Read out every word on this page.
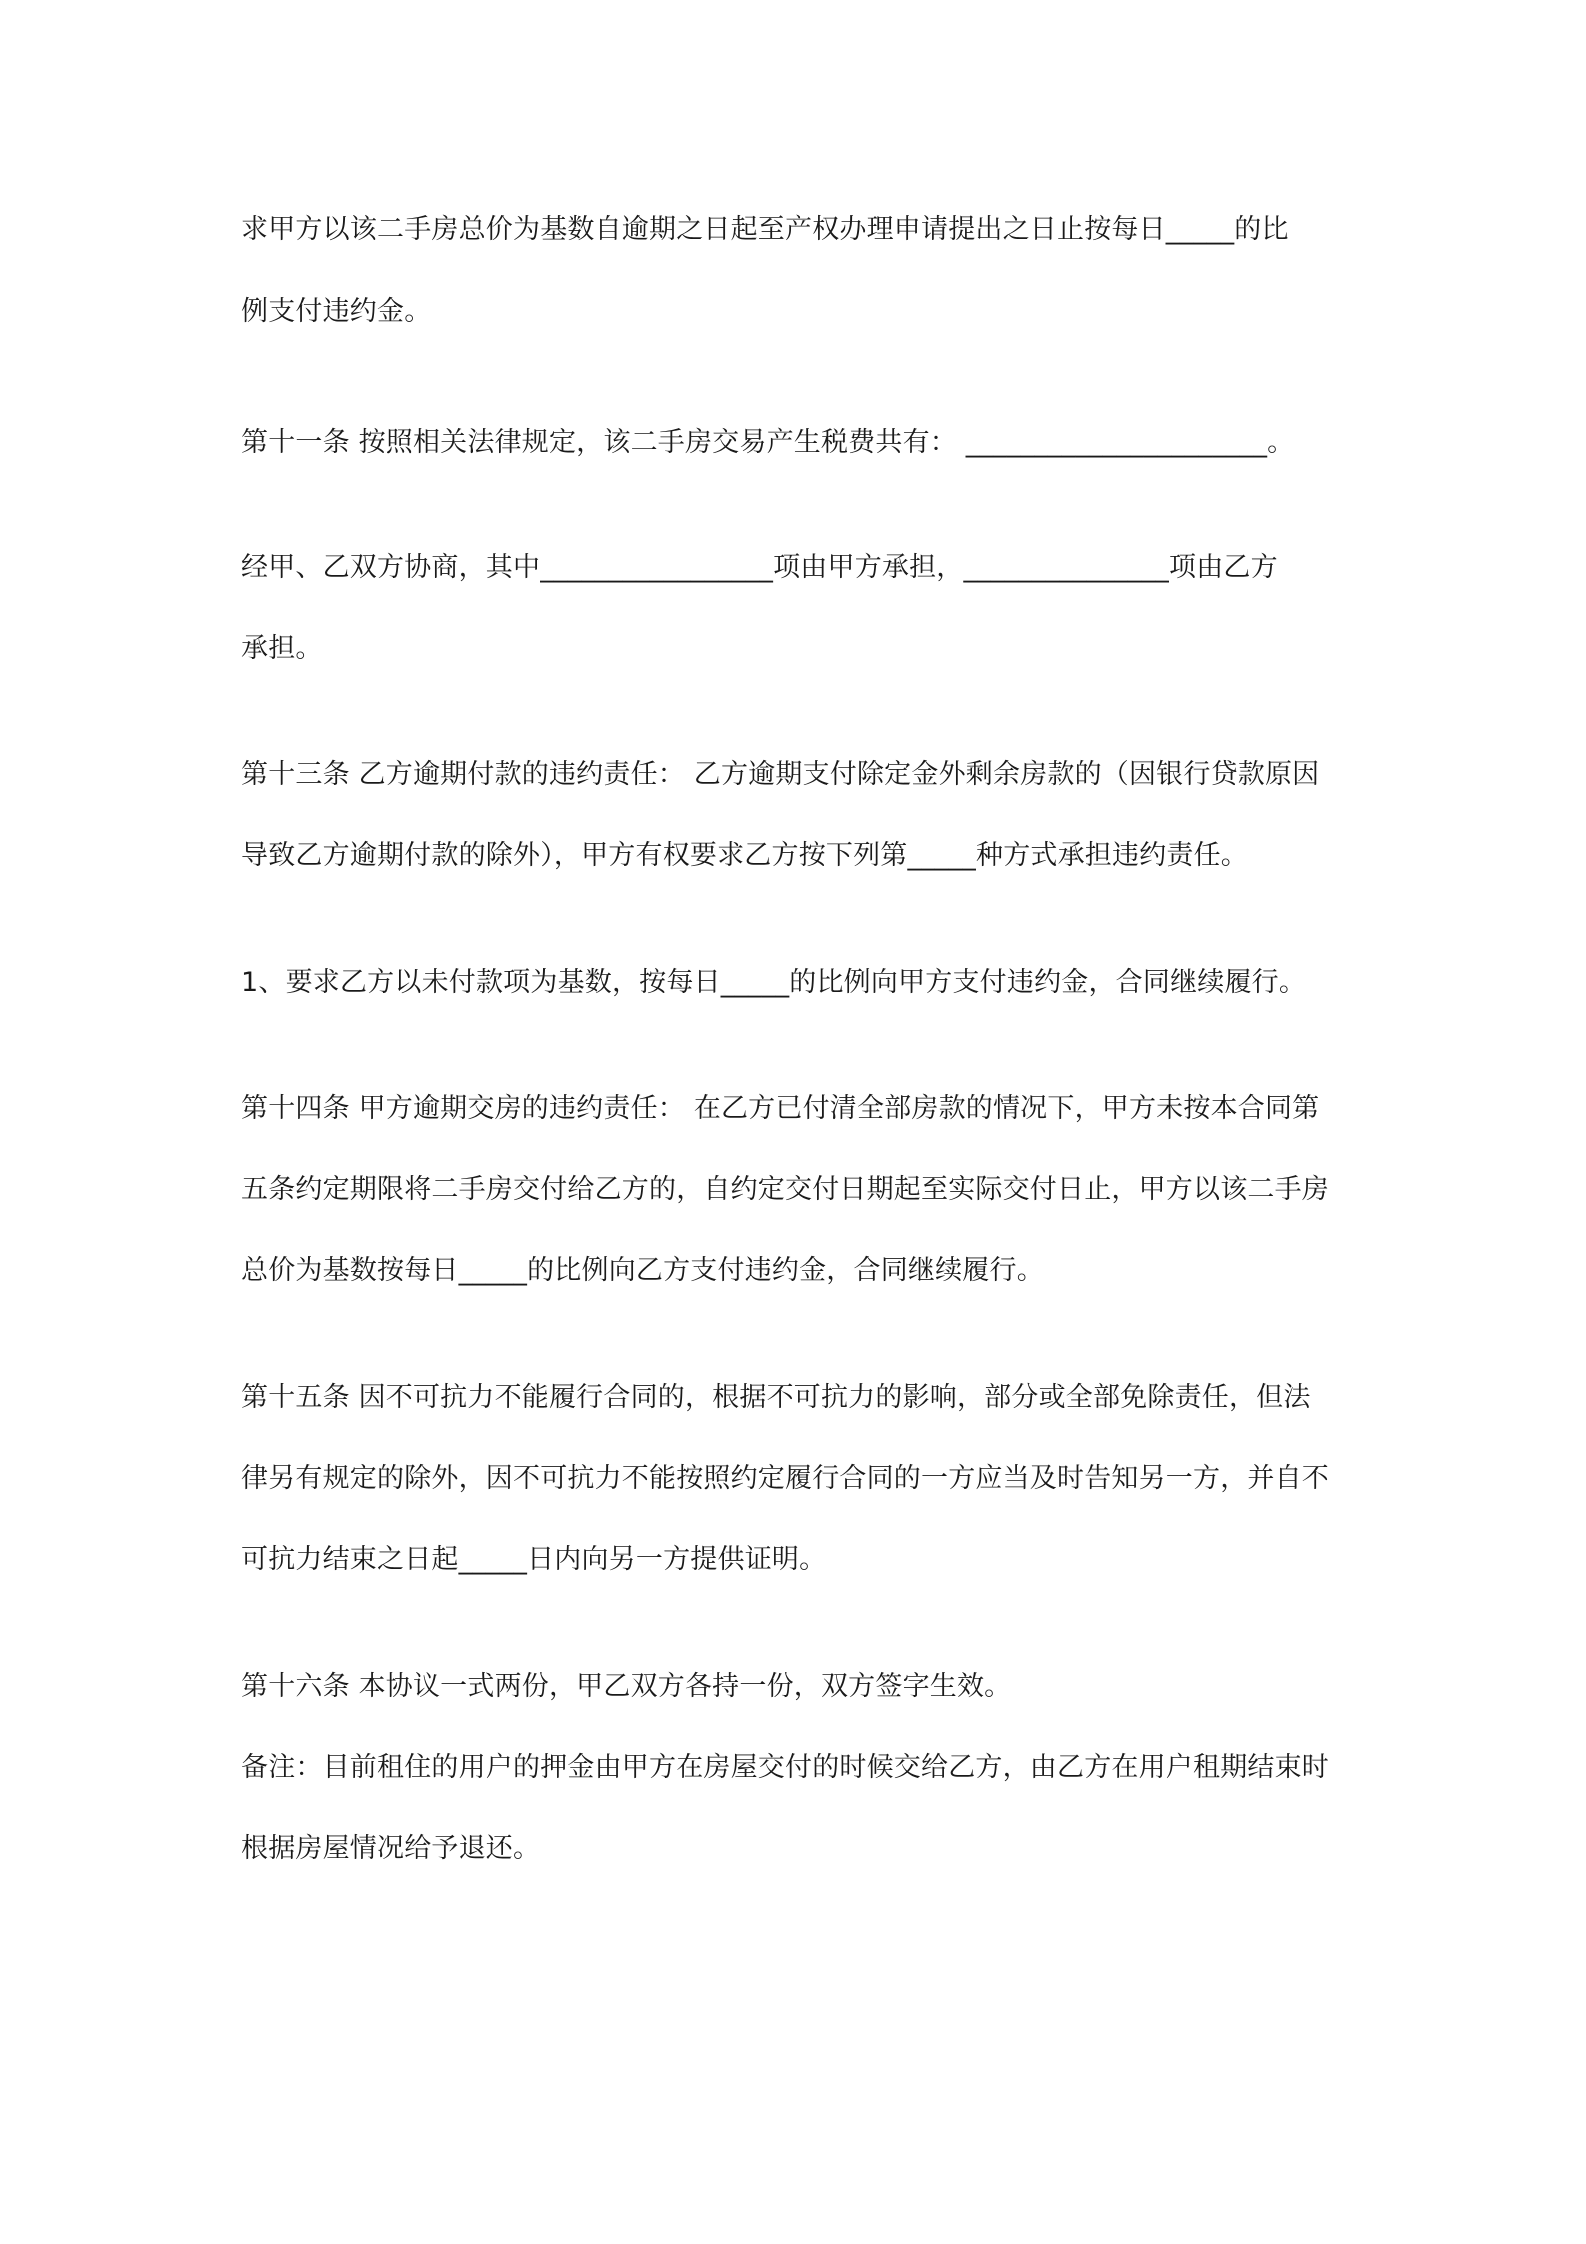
求甲方以该二手房总价为基数自逾期之日起至产权办理申请提出之日止按每日_____的比
例支付违约金。
第十一条 按照相关法律规定，该二手房交易产生税费共有： ______________________。
经甲、乙双方协商，其中_________________项由甲方承担，_______________项由乙方
承担。
第十三条 乙方逾期付款的违约责任： 乙方逾期支付除定金外剩余房款的（因银行贷款原因
导致乙方逾期付款的除外），甲方有权要求乙方按下列第_____种方式承担违约责任。
1、要求乙方以未付款项为基数，按每日_____的比例向甲方支付违约金，合同继续履行。
第十四条 甲方逾期交房的违约责任： 在乙方已付清全部房款的情况下，甲方未按本合同第
五条约定期限将二手房交付给乙方的，自约定交付日期起至实际交付日止，甲方以该二手房
总价为基数按每日_____的比例向乙方支付违约金，合同继续履行。
第十五条 因不可抗力不能履行合同的，根据不可抗力的影响，部分或全部免除责任，但法
律另有规定的除外，因不可抗力不能按照约定履行合同的一方应当及时告知另一方，并自不
可抗力结束之日起_____日内向另一方提供证明。
第十六条 本协议一式两份，甲乙双方各持一份，双方签字生效。
备注：目前租住的用户的押金由甲方在房屋交付的时候交给乙方，由乙方在用户租期结束时
根据房屋情况给予退还。
